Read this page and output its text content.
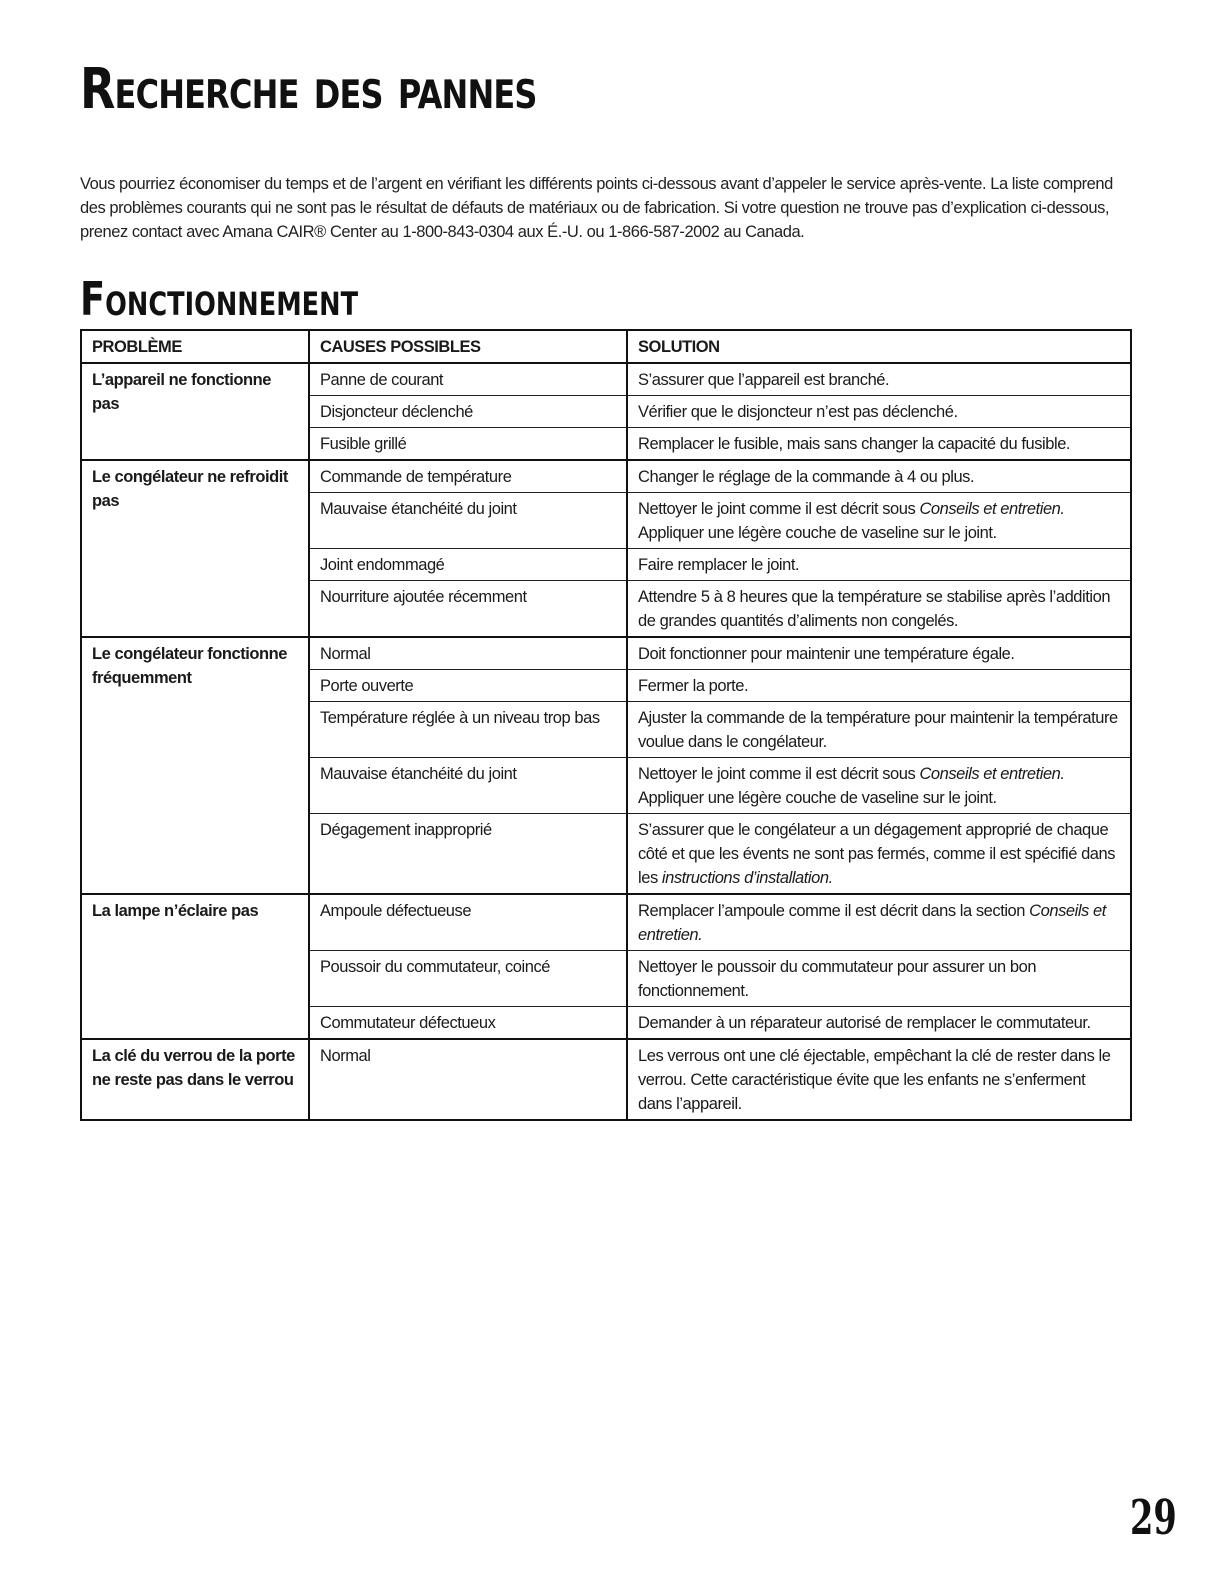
Recherche des pannes

Vous pourriez économiser du temps et de l’argent en vérifiant les différents points ci-dessous avant d’appeler le service après-vente. La liste comprend des problèmes courants qui ne sont pas le résultat de défauts de matériaux ou de fabrication. Si votre question ne trouve pas d’explication ci-dessous, prenez contact avec Amana CAIR® Center au 1-800-843-0304 aux É.-U. ou 1-866-587-2002 au Canada.

Fonctionnement
PROBLÈME	CAUSES POSSIBLES	SOLUTION
L’appareil ne fonctionne pas	Panne de courant	S’assurer que l’appareil est branché.
	Disjoncteur déclenché	Vérifier que le disjoncteur n’est pas déclenché.
	Fusible grillé	Remplacer le fusible, mais sans changer la capacité du fusible.
Le congélateur ne refroidit pas	Commande de température	Changer le réglage de la commande à 4 ou plus.
	Mauvaise étanchéité du joint	Nettoyer le joint comme il est décrit sous Conseils et entretien. Appliquer une légère couche de vaseline sur le joint.
	Joint endommagé	Faire remplacer le joint.
	Nourriture ajoutée récemment	Attendre 5 à 8 heures que la température se stabilise après l’addition de grandes quantités d’aliments non congelés.
Le congélateur fonctionne fréquemment	Normal	Doit fonctionner pour maintenir une température égale.
	Porte ouverte	Fermer la porte.
	Température réglée à un niveau trop bas	Ajuster la commande de la température pour maintenir la température voulue dans le congélateur.
	Mauvaise étanchéité du joint	Nettoyer le joint comme il est décrit sous Conseils et entretien. Appliquer une légère couche de vaseline sur le joint.
	Dégagement inapproprié	S’assurer que le congélateur a un dégagement approprié de chaque côté et que les évents ne sont pas fermés, comme il est spécifié dans les instructions d’installation.
La lampe n’éclaire pas	Ampoule défectueuse	Remplacer l’ampoule comme il est décrit dans la section Conseils et entretien.
	Poussoir du commutateur, coincé	Nettoyer le poussoir du commutateur pour assurer un bon fonctionnement.
	Commutateur défectueux	Demander à un réparateur autorisé de remplacer le commutateur.
La clé du verrou de la porte ne reste pas dans le verrou	Normal	Les verrous ont une clé éjectable, empêchant la clé de rester dans le verrou. Cette caractéristique évite que les enfants ne s’enferment dans l’appareil.
29
